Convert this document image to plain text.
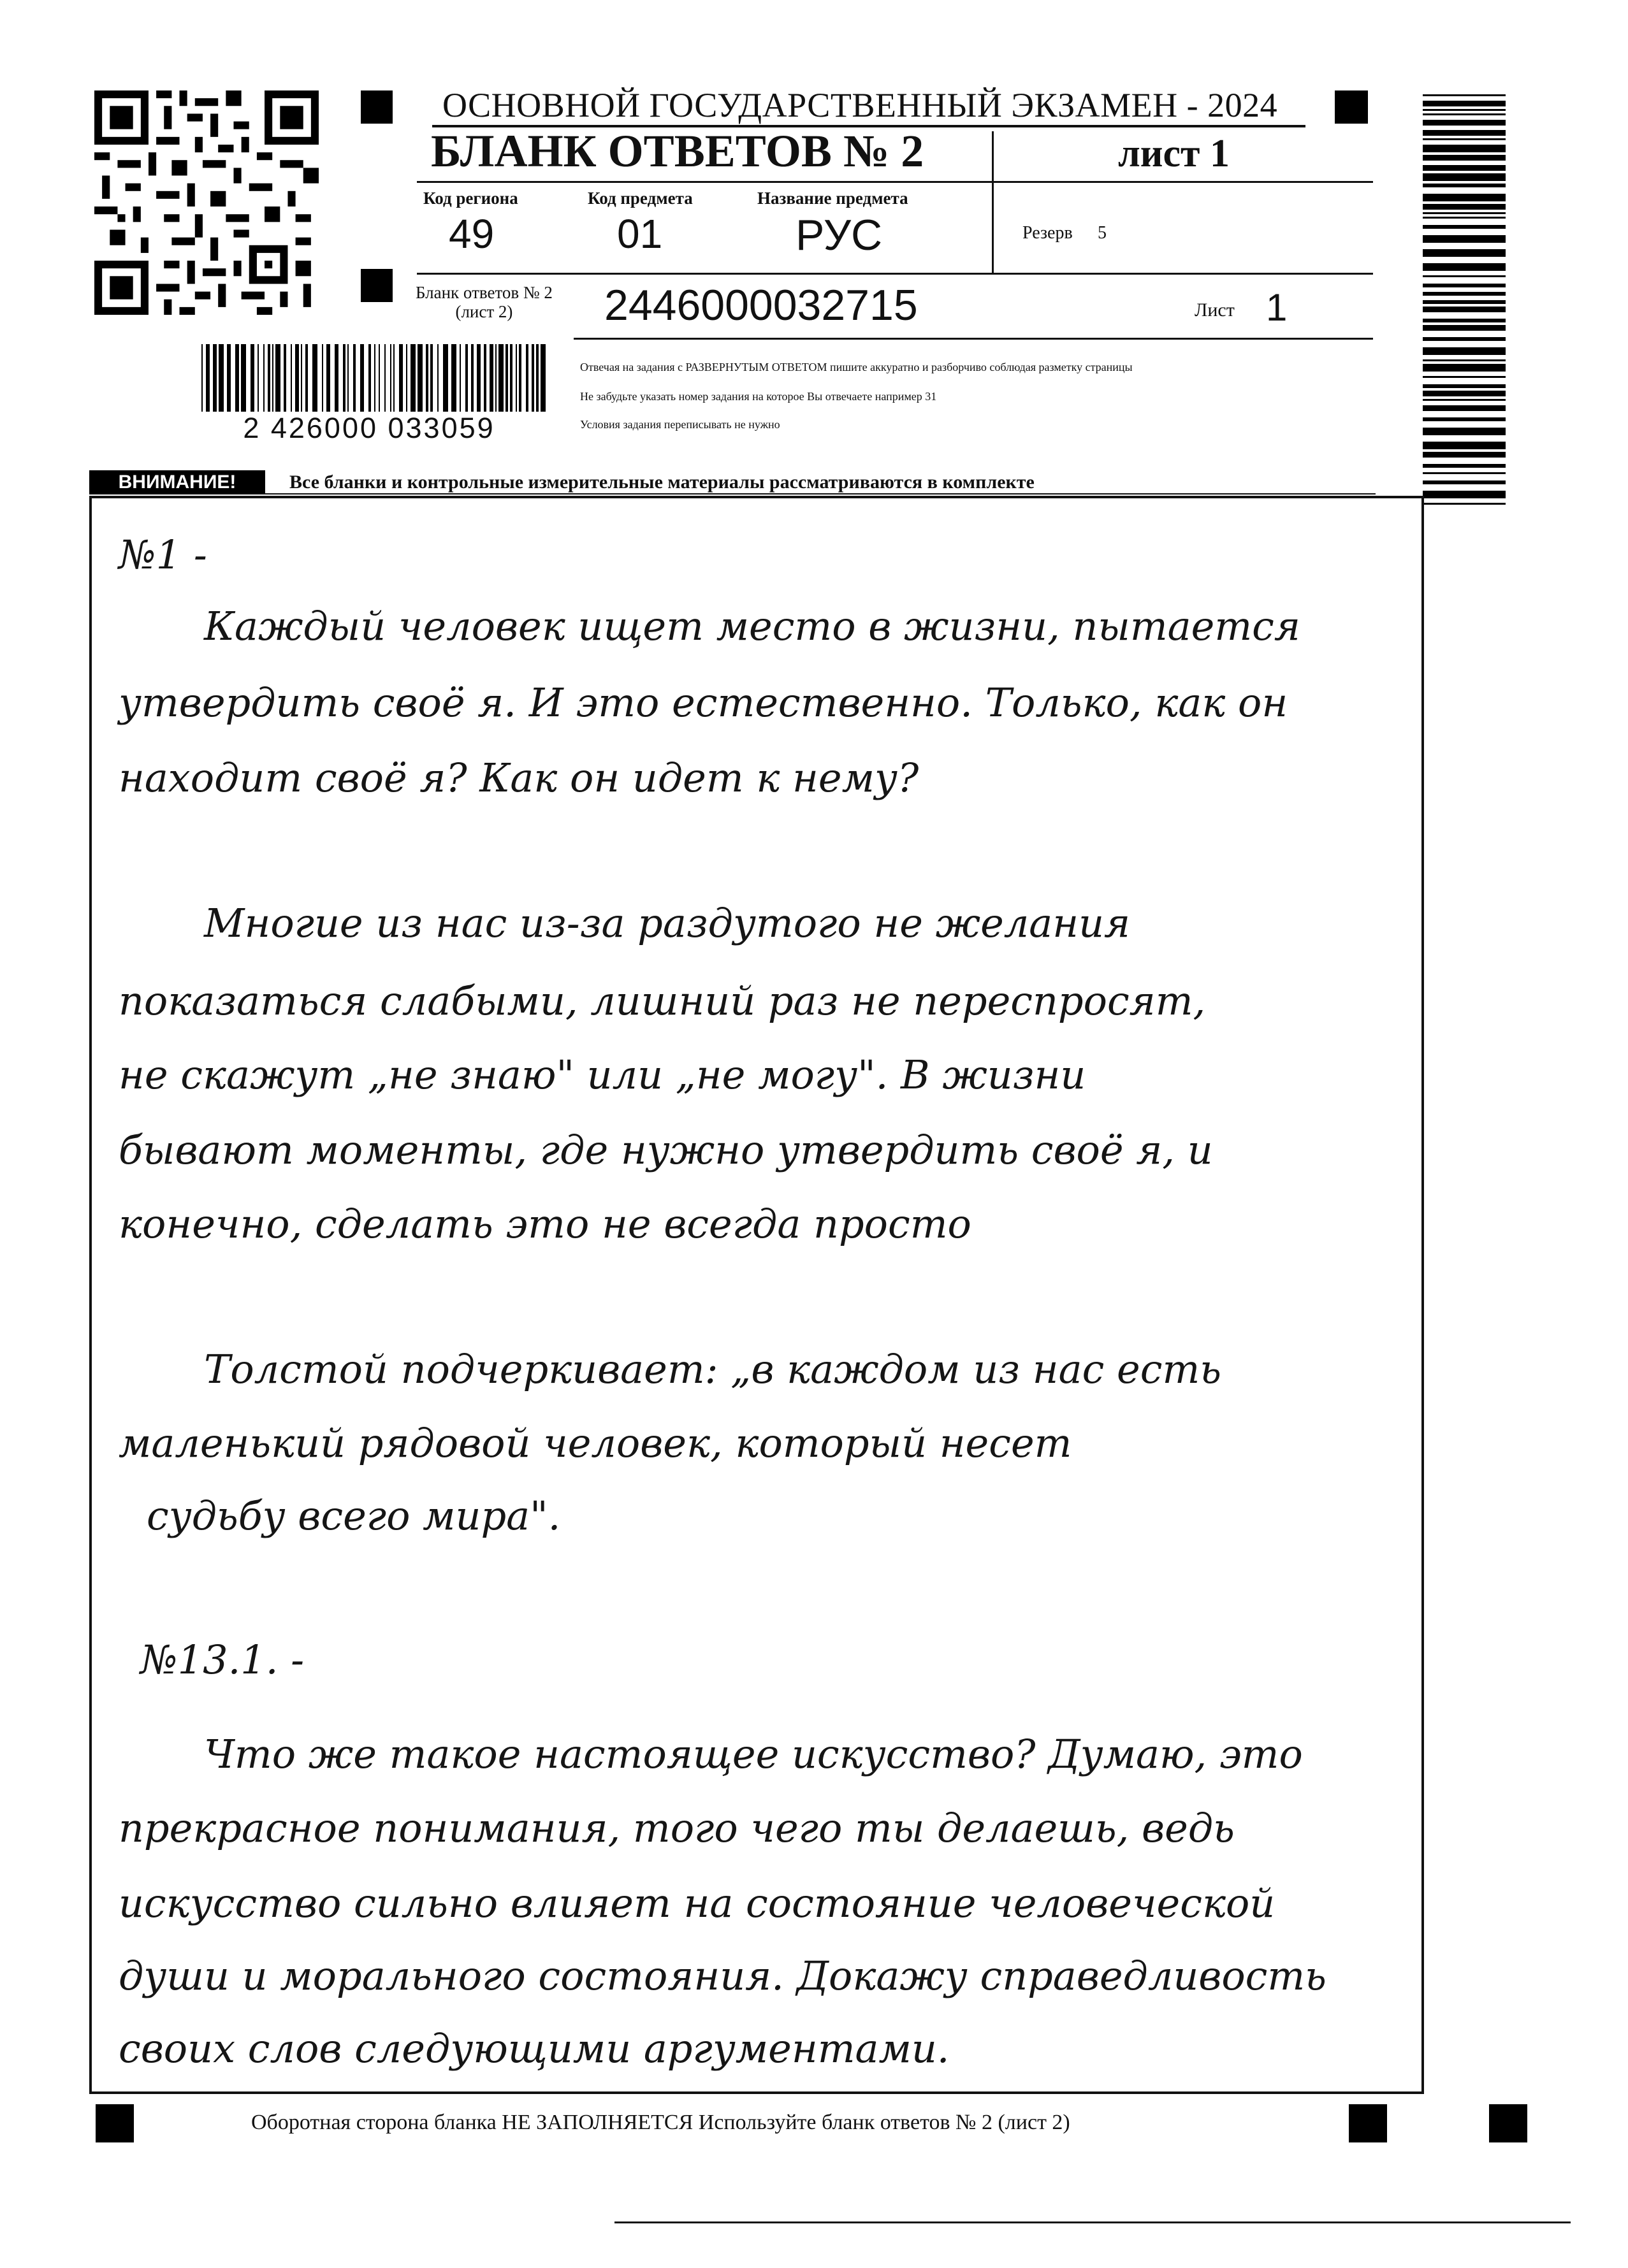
2 426000 033059
ОСНОВНОЙ ГОСУДАРСТВЕННЫЙ ЭКЗАМЕН - 2024
БЛАНК ОТВЕТОВ № 2	лист 1
Код региона
49
Код предмета
01
Название предмета
РУС	Резерв 5
Бланк ответов № 2
(лист 2)	2446000032715	Лист 1
Отвечая на задания с РАЗВЕРНУТЫМ ОТВЕТОМ пишите аккуратно и разборчиво соблюдая разметку страницы
Не забудьте указать номер задания на которое Вы отвечаете например 31
Условия задания переписывать не нужно
ВНИМАНИЕ!	Все бланки и контрольные измерительные материалы рассматриваются в комплекте
№1 -
Каждый человек ищет место в жизни, пытается
утвердить своё я. И это естественно. Только, как он
находит своё я? Как он идет к нему?
Многие из нас из-за раздутого не желания
показаться слабыми, лишний раз не переспросят,
не скажут „не знаю" или „не могу". В жизни
бывают моменты, где нужно утвердить своё я, и
конечно, сделать это не всегда просто
Толстой подчеркивает: „в каждом из нас есть
маленький рядовой человек, который несет
судьбу всего мира".
№13.1. -
Что же такое настоящее искусство? Думаю, это
прекрасное понимания, того чего ты делаешь, ведь
искусство сильно влияет на состояние человеческой
души и морального состояния. Докажу справедливость
своих слов следующими аргументами.
Оборотная сторона бланка НЕ ЗАПОЛНЯЕТСЯ Используйте бланк ответов № 2 (лист 2)
